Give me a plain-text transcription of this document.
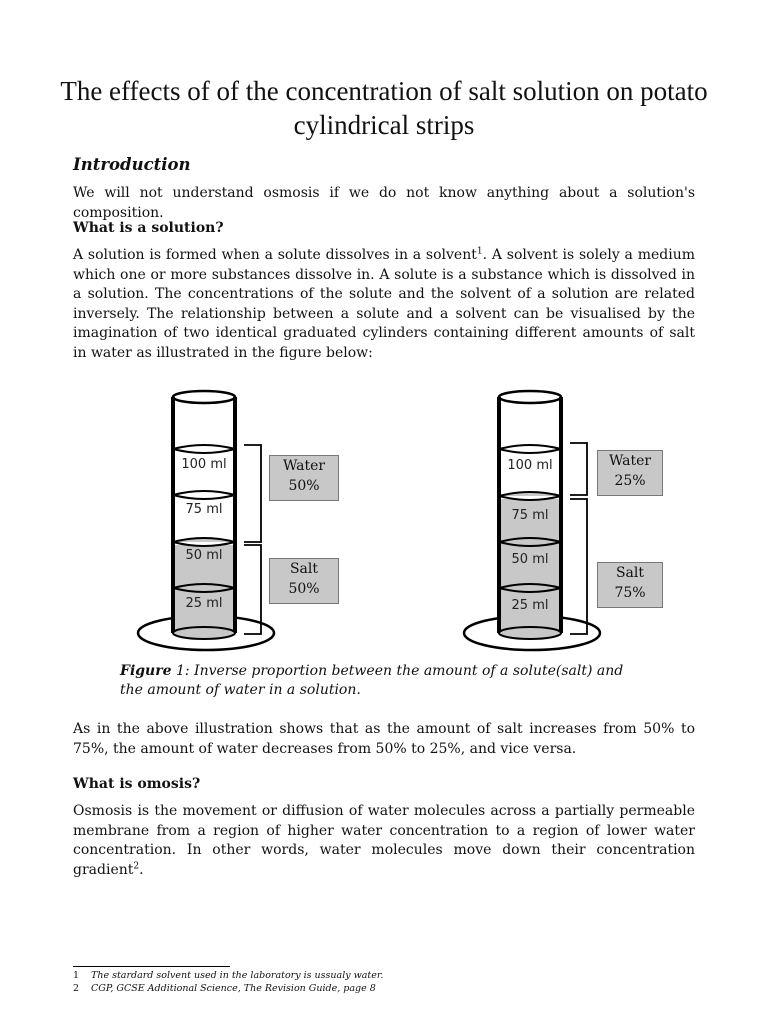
The effects of of the concentration of salt solution on potato cylindrical strips
Introduction

We will not understand osmosis if we do not know anything about a solution's composition.

What is a solution?

A solution is formed when a solute dissolves in a solvent$^1$. A solvent is solely a medium which one or more substances dissolve in. A solute is a substance which is dissolved in a solution. The concentrations of the solute and the solvent of a solution are related inversely. The relationship between a solute and a solvent can be visualised by the imagination of two identical graduated cylinders containing different amounts of salt in water as illustrated in the figure below:

100 ml
75 ml
50 ml
25 ml
100 ml
75 ml
50 ml
25 ml
Water
50%
Salt
50%
Water
25%
Salt
75%

Figure 1: Inverse proportion between the amount of a solute(salt) and the amount of water in a solution.

As in the above illustration shows that as the amount of salt increases from 50% to 75%, the amount of water decreases from 50% to 25%, and vice versa.

What is omosis?

Osmosis is the movement or diffusion of water molecules across a partially permeable membrane from a region of higher water concentration to a region of lower water concentration. In other words, water molecules move down their concentration gradient$^2$.

1	The stardard solvent used in the laboratory is ussualy water.
2	CGP, GCSE Additional Science, The Revision Guide, page 8
